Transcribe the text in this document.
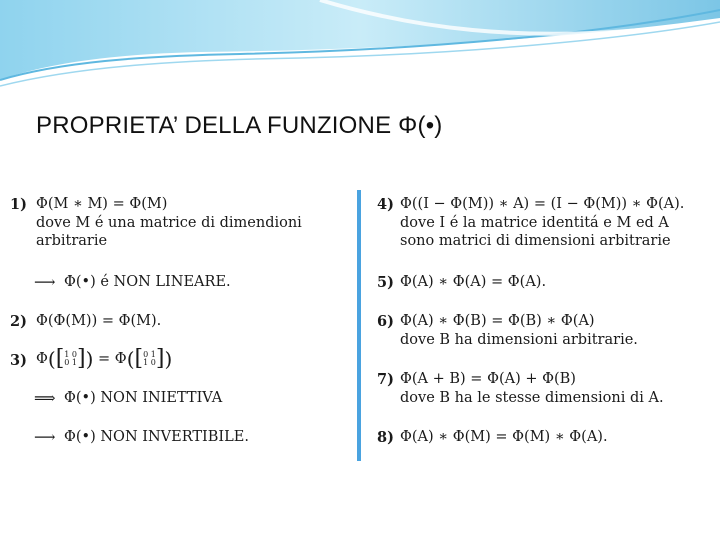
PROPRIETA’ DELLA FUNZIONE Φ(•)
1) Φ(M ∗ M) = Φ(M)
dove M é una matrice di dimendioni
arbitrarie
⟶ Φ(•) é NON LINEARE.
2) Φ(Φ(M)) = Φ(M).
3) Φ([1 0
0 1]) = Φ([0 1
1 0])
⟹ Φ(•) NON INIETTIVA
⟶ Φ(•) NON INVERTIBILE.
4) Φ((I − Φ(M)) ∗ A) = (I − Φ(M)) ∗ Φ(A).
dove I é la matrice identitá e M ed A
sono matrici di dimensioni arbitrarie
5) Φ(A) ∗ Φ(A) = Φ(A).
6) Φ(A) ∗ Φ(B) = Φ(B) ∗ Φ(A)
dove B ha dimensioni arbitrarie.
7) Φ(A + B) = Φ(A) + Φ(B)
dove B ha le stesse dimensioni di A.
8) Φ(A) ∗ Φ(M) = Φ(M) ∗ Φ(A).
